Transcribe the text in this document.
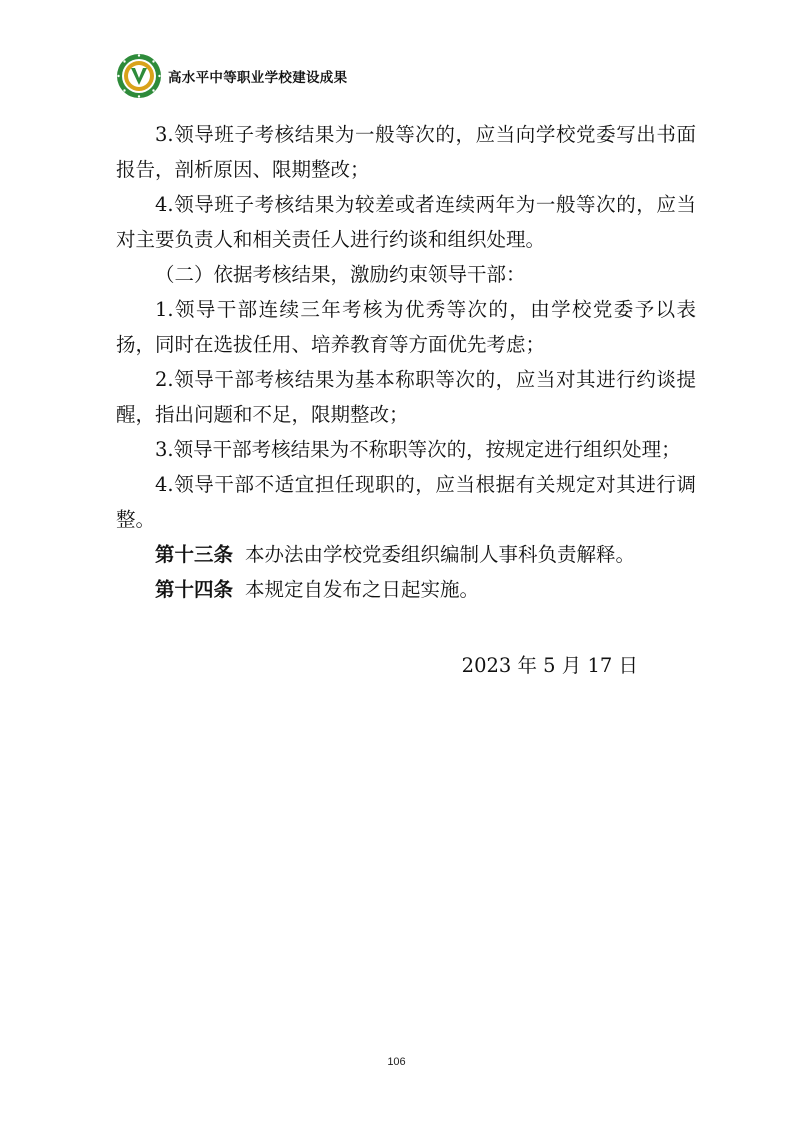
高水平中等职业学校建设成果

3.领导班子考核结果为一般等次的，应当向学校党委写出书面报告，剖析原因、限期整改；

4.领导班子考核结果为较差或者连续两年为一般等次的，应当对主要负责人和相关责任人进行约谈和组织处理。

（二）依据考核结果，激励约束领导干部：

1.领导干部连续三年考核为优秀等次的，由学校党委予以表扬，同时在选拔任用、培养教育等方面优先考虑；

2.领导干部考核结果为基本称职等次的，应当对其进行约谈提醒，指出问题和不足，限期整改；

3.领导干部考核结果为不称职等次的，按规定进行组织处理；

4.领导干部不适宜担任现职的，应当根据有关规定对其进行调整。

第十三条 本办法由学校党委组织编制人事科负责解释。

第十四条 本规定自发布之日起实施。

2023 年 5 月 17 日
106
